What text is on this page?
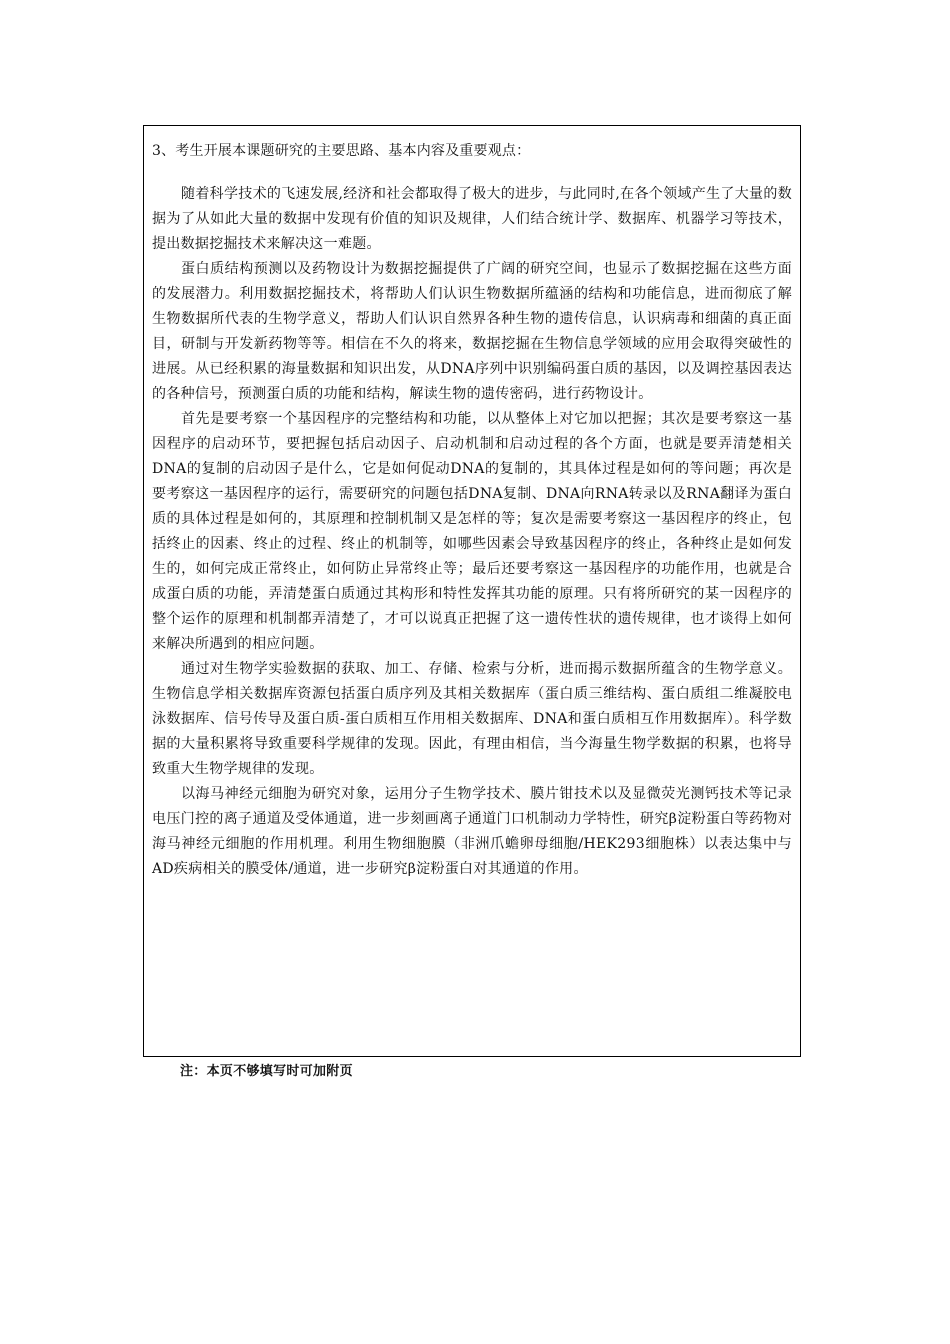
3、考生开展本课题研究的主要思路、基本内容及重要观点：

随着科学技术的飞速发展,经济和社会都取得了极大的进步，与此同时,在各个领域产生了大量的数据为了从如此大量的数据中发现有价值的知识及规律，人们结合统计学、数据库、机器学习等技术，提出数据挖掘技术来解决这一难题。

蛋白质结构预测以及药物设计为数据挖掘提供了广阔的研究空间，也显示了数据挖掘在这些方面的发展潜力。利用数据挖掘技术，将帮助人们认识生物数据所蕴涵的结构和功能信息，进而彻底了解生物数据所代表的生物学意义，帮助人们认识自然界各种生物的遗传信息，认识病毒和细菌的真正面目，研制与开发新药物等等。相信在不久的将来，数据挖掘在生物信息学领域的应用会取得突破性的进展。从已经积累的海量数据和知识出发，从DNA序列中识别编码蛋白质的基因，以及调控基因表达的各种信号，预测蛋白质的功能和结构，解读生物的遗传密码，进行药物设计。

首先是要考察一个基因程序的完整结构和功能，以从整体上对它加以把握；其次是要考察这一基因程序的启动环节，要把握包括启动因子、启动机制和启动过程的各个方面，也就是要弄清楚相关DNA的复制的启动因子是什么，它是如何促动DNA的复制的，其具体过程是如何的等问题；再次是要考察这一基因程序的运行，需要研究的问题包括DNA复制、DNA向RNA转录以及RNA翻译为蛋白质的具体过程是如何的，其原理和控制机制又是怎样的等；复次是需要考察这一基因程序的终止，包括终止的因素、终止的过程、终止的机制等，如哪些因素会导致基因程序的终止，各种终止是如何发生的，如何完成正常终止，如何防止异常终止等；最后还要考察这一基因程序的功能作用，也就是合成蛋白质的功能，弄清楚蛋白质通过其构形和特性发挥其功能的原理。只有将所研究的某一因程序的整个运作的原理和机制都弄清楚了，才可以说真正把握了这一遗传性状的遗传规律，也才谈得上如何来解决所遇到的相应问题。

通过对生物学实验数据的获取、加工、存储、检索与分析，进而揭示数据所蕴含的生物学意义。生物信息学相关数据库资源包括蛋白质序列及其相关数据库（蛋白质三维结构、蛋白质组二维凝胶电泳数据库、信号传导及蛋白质-蛋白质相互作用相关数据库、DNA和蛋白质相互作用数据库）。科学数据的大量积累将导致重要科学规律的发现。因此，有理由相信，当今海量生物学数据的积累，也将导致重大生物学规律的发现。

以海马神经元细胞为研究对象，运用分子生物学技术、膜片钳技术以及显微荧光测钙技术等记录电压门控的离子通道及受体通道，进一步刻画离子通道门口机制动力学特性，研究β淀粉蛋白等药物对海马神经元细胞的作用机理。利用生物细胞膜（非洲爪蟾卵母细胞/HEK293细胞株）以表达集中与AD疾病相关的膜受体/通道，进一步研究β淀粉蛋白对其通道的作用。

注：本页不够填写时可加附页
